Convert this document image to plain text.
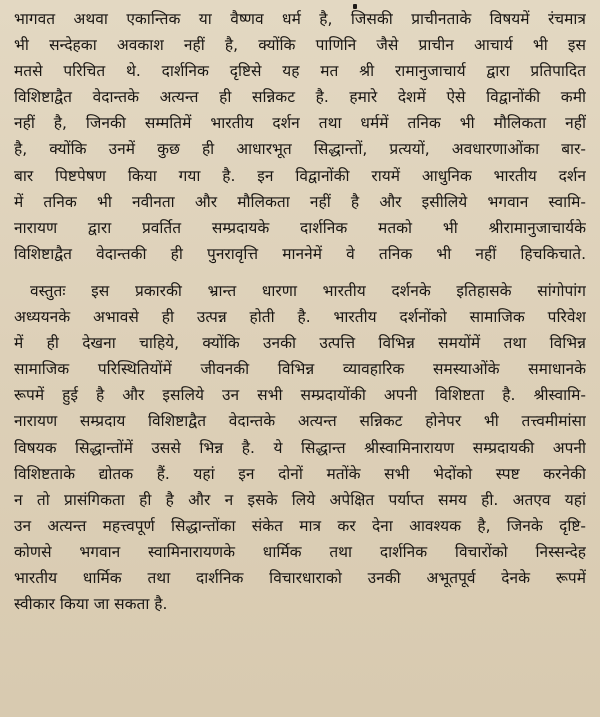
भागवत अथवा एकान्तिक या वैष्णव धर्म है, जिसकी प्राचीनताके विषयमें रंचमात्र
भी सन्देहका अवकाश नहीं है, क्योंकि पाणिनि जैसे प्राचीन आचार्य भी इस
मतसे परिचित थे. दार्शनिक दृष्टिसे यह मत श्री रामानुजाचार्य द्वारा प्रतिपादित
विशिष्टाद्वैत वेदान्तके अत्यन्त ही सन्निकट है. हमारे देशमें ऐसे विद्वानोंकी कमी
नहीं है, जिनकी सम्मतिमें भारतीय दर्शन तथा धर्ममें तनिक भी मौलिकता नहीं
है, क्योंकि उनमें कुछ ही आधारभूत सिद्धान्तों, प्रत्ययों, अवधारणाओंका बार-
बार पिष्टपेषण किया गया है. इन विद्वानोंकी रायमें आधुनिक भारतीय दर्शन
में तनिक भी नवीनता और मौलिकता नहीं है और इसीलिये भगवान स्वामि-
नारायण द्वारा प्रवर्तित सम्प्रदायके दार्शनिक मतको भी श्रीरामानुजाचार्यके
विशिष्टाद्वैत वेदान्तकी ही पुनरावृत्ति माननेमें वे तनिक भी नहीं हिचकिचाते.
वस्तुतः इस प्रकारकी भ्रान्त धारणा भारतीय दर्शनके इतिहासके सांगोपांग
अध्ययनके अभावसे ही उत्पन्न होती है. भारतीय दर्शनोंको सामाजिक परिवेश
में ही देखना चाहिये, क्योंकि उनकी उत्पत्ति विभिन्न समयोंमें तथा विभिन्न
सामाजिक परिस्थितियोंमें जीवनकी विभिन्न व्यावहारिक समस्याओंके समाधानके
रूपमें हुई है और इसलिये उन सभी सम्प्रदायोंकी अपनी विशिष्टता है. श्रीस्वामि-
नारायण सम्प्रदाय विशिष्टाद्वैत वेदान्तके अत्यन्त सन्निकट होनेपर भी तत्त्वमीमांसा
विषयक सिद्धान्तोंमें उससे भिन्न है. ये सिद्धान्त श्रीस्वामिनारायण सम्प्रदायकी अपनी
विशिष्टताके द्योतक हैं. यहां इन दोनों मतोंके सभी भेदोंको स्पष्ट करनेकी
न तो प्रासंगिकता ही है और न इसके लिये अपेक्षित पर्याप्त समय ही. अतएव यहां
उन अत्यन्त महत्त्वपूर्ण सिद्धान्तोंका संकेत मात्र कर देना आवश्यक है, जिनके दृष्टि-
कोणसे भगवान स्वामिनारायणके धार्मिक तथा दार्शनिक विचारोंको निस्सन्देह
भारतीय धार्मिक तथा दार्शनिक विचारधाराको उनकी अभूतपूर्व देनके रूपमें
स्वीकार किया जा सकता है.
